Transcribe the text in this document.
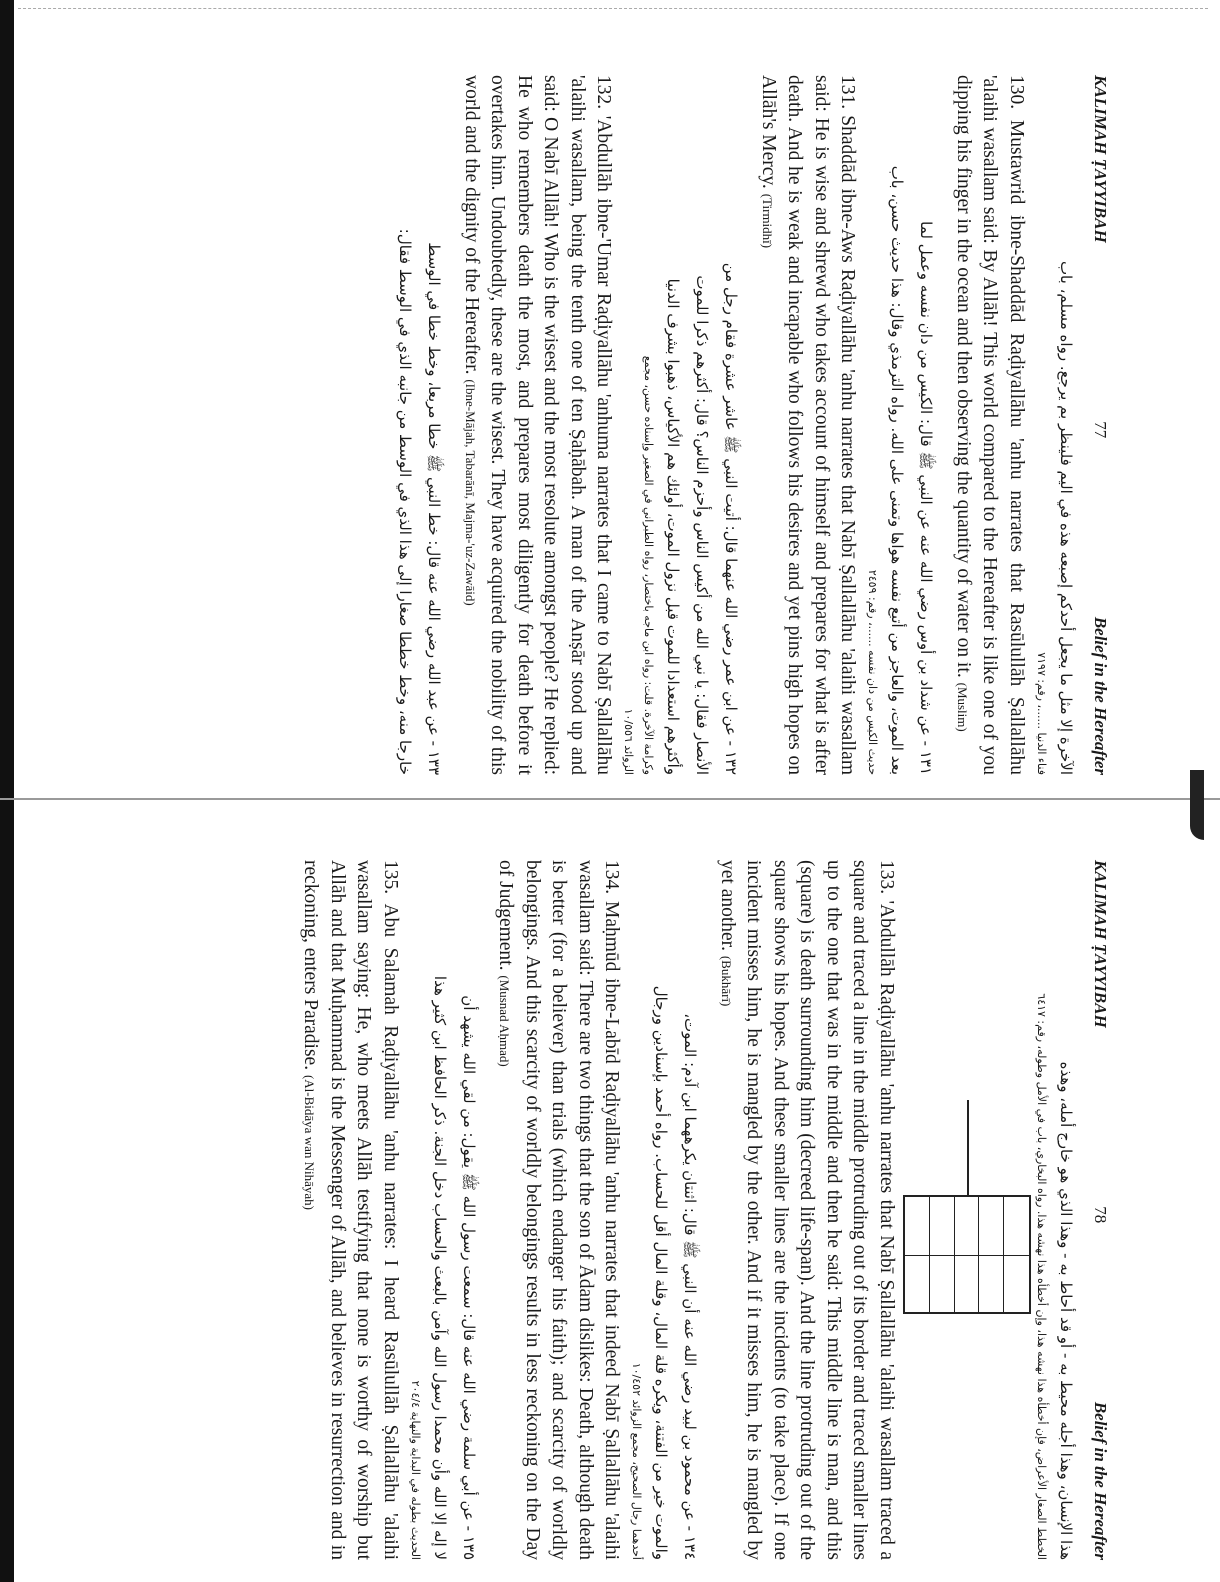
KALIMAH ṬAYYIBAH
77
Belief in the Hereafter

الآخرة إلا مثل ما يجعل أحدكم إصبعه هذه في اليم فلينظر بم يرجع. رواه مسلم، باب

فناء الدنيا ......، رقم: ٧١٩٧

130. Mustawrid ibne-Shaddād Raḍiyallāhu 'anhu narrates that Rasūlullāh Ṣallallāhu 'alaihi wasallam said: By Allāh! This world compared to the Hereafter is like one of you dipping his finger in the ocean and then observing the quantity of water on it. (Muslim)

١٣١ - عن شداد بن أوس رضي الله عنه عن النبي ﷺ قال: الكيس من دان نفسه وعمل لما

بعد الموت، والعاجز من أتبع نفسه هواها وتمنى على الله. رواه الترمذي وقال: هذا حديث حسن، باب

حديث الكيس من دان نفسه ......، رقم: ٢٤٥٩

131. Shaddād ibne-Aws Raḍiyallāhu 'anhu narrates that Nabī Ṣallallāhu 'alaihi wasallam said: He is wise and shrewd who takes account of himself and prepares for what is after death. And he is weak and incapable who follows his desires and yet pins high hopes on Allāh's Mercy. (Tirmidhī)

١٣٢ - عن ابن عمر رضي الله عنهما قال: أتيت النبي ﷺ عاشر عشرة فقام رجل من

الأنصار فقال: يا نبي الله من أكيس الناس وأحزم الناس؟ قال: أكثرهم ذكرا للموت

وأكثرهم استعدادا للموت قبل نزول الموت، أولئك هم الأكياس، ذهبوا بشرف الدنيا

وكرامة الآخرة. قلت: رواه ابن ماجه باختصار، رواه الطبراني في الصغير وإسناده حسن، مجمع

الزوائد ١٠/٥٥٦

132. 'Abdullāh ibne-'Umar Raḍiyallāhu 'anhuma narrates that I came to Nabī Ṣallallāhu 'alaihi wasallam, being the tenth one of ten Ṣaḥābah. A man of the Anṣār stood up and said: O Nabī Allāh! Who is the wisest and the most resolute amongst people? He replied: He who remembers death the most, and prepares most diligently for death before it overtakes him. Undoubtedly, these are the wisest. They have acquired the nobility of this world and the dignity of the Hereafter. (Ibne-Mājah, Tabarānī, Majma-'uz-Zawāid)

١٣٣ - عن عبد الله رضي الله عنه قال: خط النبي ﷺ خطا مربعا، وخط خطا في الوسط

خارجا منه، وخط خططا صغارا إلى هذا الذي في الوسط من جانبه الذي في الوسط فقال:

KALIMAH ṬAYYIBAH
78
Belief in the Hereafter

هذا الإنسان، وهذا أجله محيط به - أو قد أحاط به - وهذا الذي هو خارج أمله، وهذه

الخطط الصغار الأعراض، فإن أخطأه هذا نهشه هذا، وإن أخطأه هذا نهشه هذا. رواه البخاري، باب في الأمل وطوله، رقم: ٦٤١٧

133. 'Abdullāh Raḍiyallāhu 'anhu narrates that Nabī Ṣallallāhu 'alaihi wasallam traced a square and traced a line in the middle protruding out of its border and traced smaller lines up to the one that was in the middle and then he said: This middle line is man, and this (square) is death surrounding him (decreed life-span). And the line protruding out of the square shows his hopes. And these smaller lines are the incidents (to take place). If one incident misses him, he is mangled by the other. And if it misses him, he is mangled by yet another. (Bukhārī)

١٣٤ - عن محمود بن لبيد رضي الله عنه أن النبي ﷺ قال: اثنتان يكرههما ابن آدم: الموت،

والموت خير من الفتنة، ويكره قلة المال، وقلة المال أقل للحساب. رواه أحمد بإسنادين ورجال

أحدهما رجال الصحيح، مجمع الزوائد ١٠/٤٥٢

134. Maḥmūd ibne-Labīd Raḍiyallāhu 'anhu narrates that indeed Nabī Ṣallallāhu 'alaihi wasallam said: There are two things that the son of Ādam dislikes: Death, although death is better (for a believer) than trials (which endanger his faith); and scarcity of worldly belongings. And this scarcity of worldly belongings results in less reckoning on the Day of Judgement. (Musnad Aḥmad)

١٣٥ - عن أبي سلمة رضي الله عنه قال: سمعت رسول الله ﷺ يقول: من لقي الله يشهد أن

لا إله إلا الله وأن محمدا رسول الله وآمن بالبعث والحساب دخل الجنة. ذكر الحافظ ابن كثير هذا

الحديث بطوله في البداية والنهاية ٢٠٤/٤

135. Abu Salamah Raḍiyallāhu 'anhu narrates: I heard Rasūlullāh Ṣallallāhu 'alaihi wasallam saying: He, who meets Allāh testifying that none is worthy of worship but Allāh and that Muḥammad is the Messenger of Allāh, and believes in resurrection and in reckoning, enters Paradise. (Al-Bidāya wan Nihāyah)
